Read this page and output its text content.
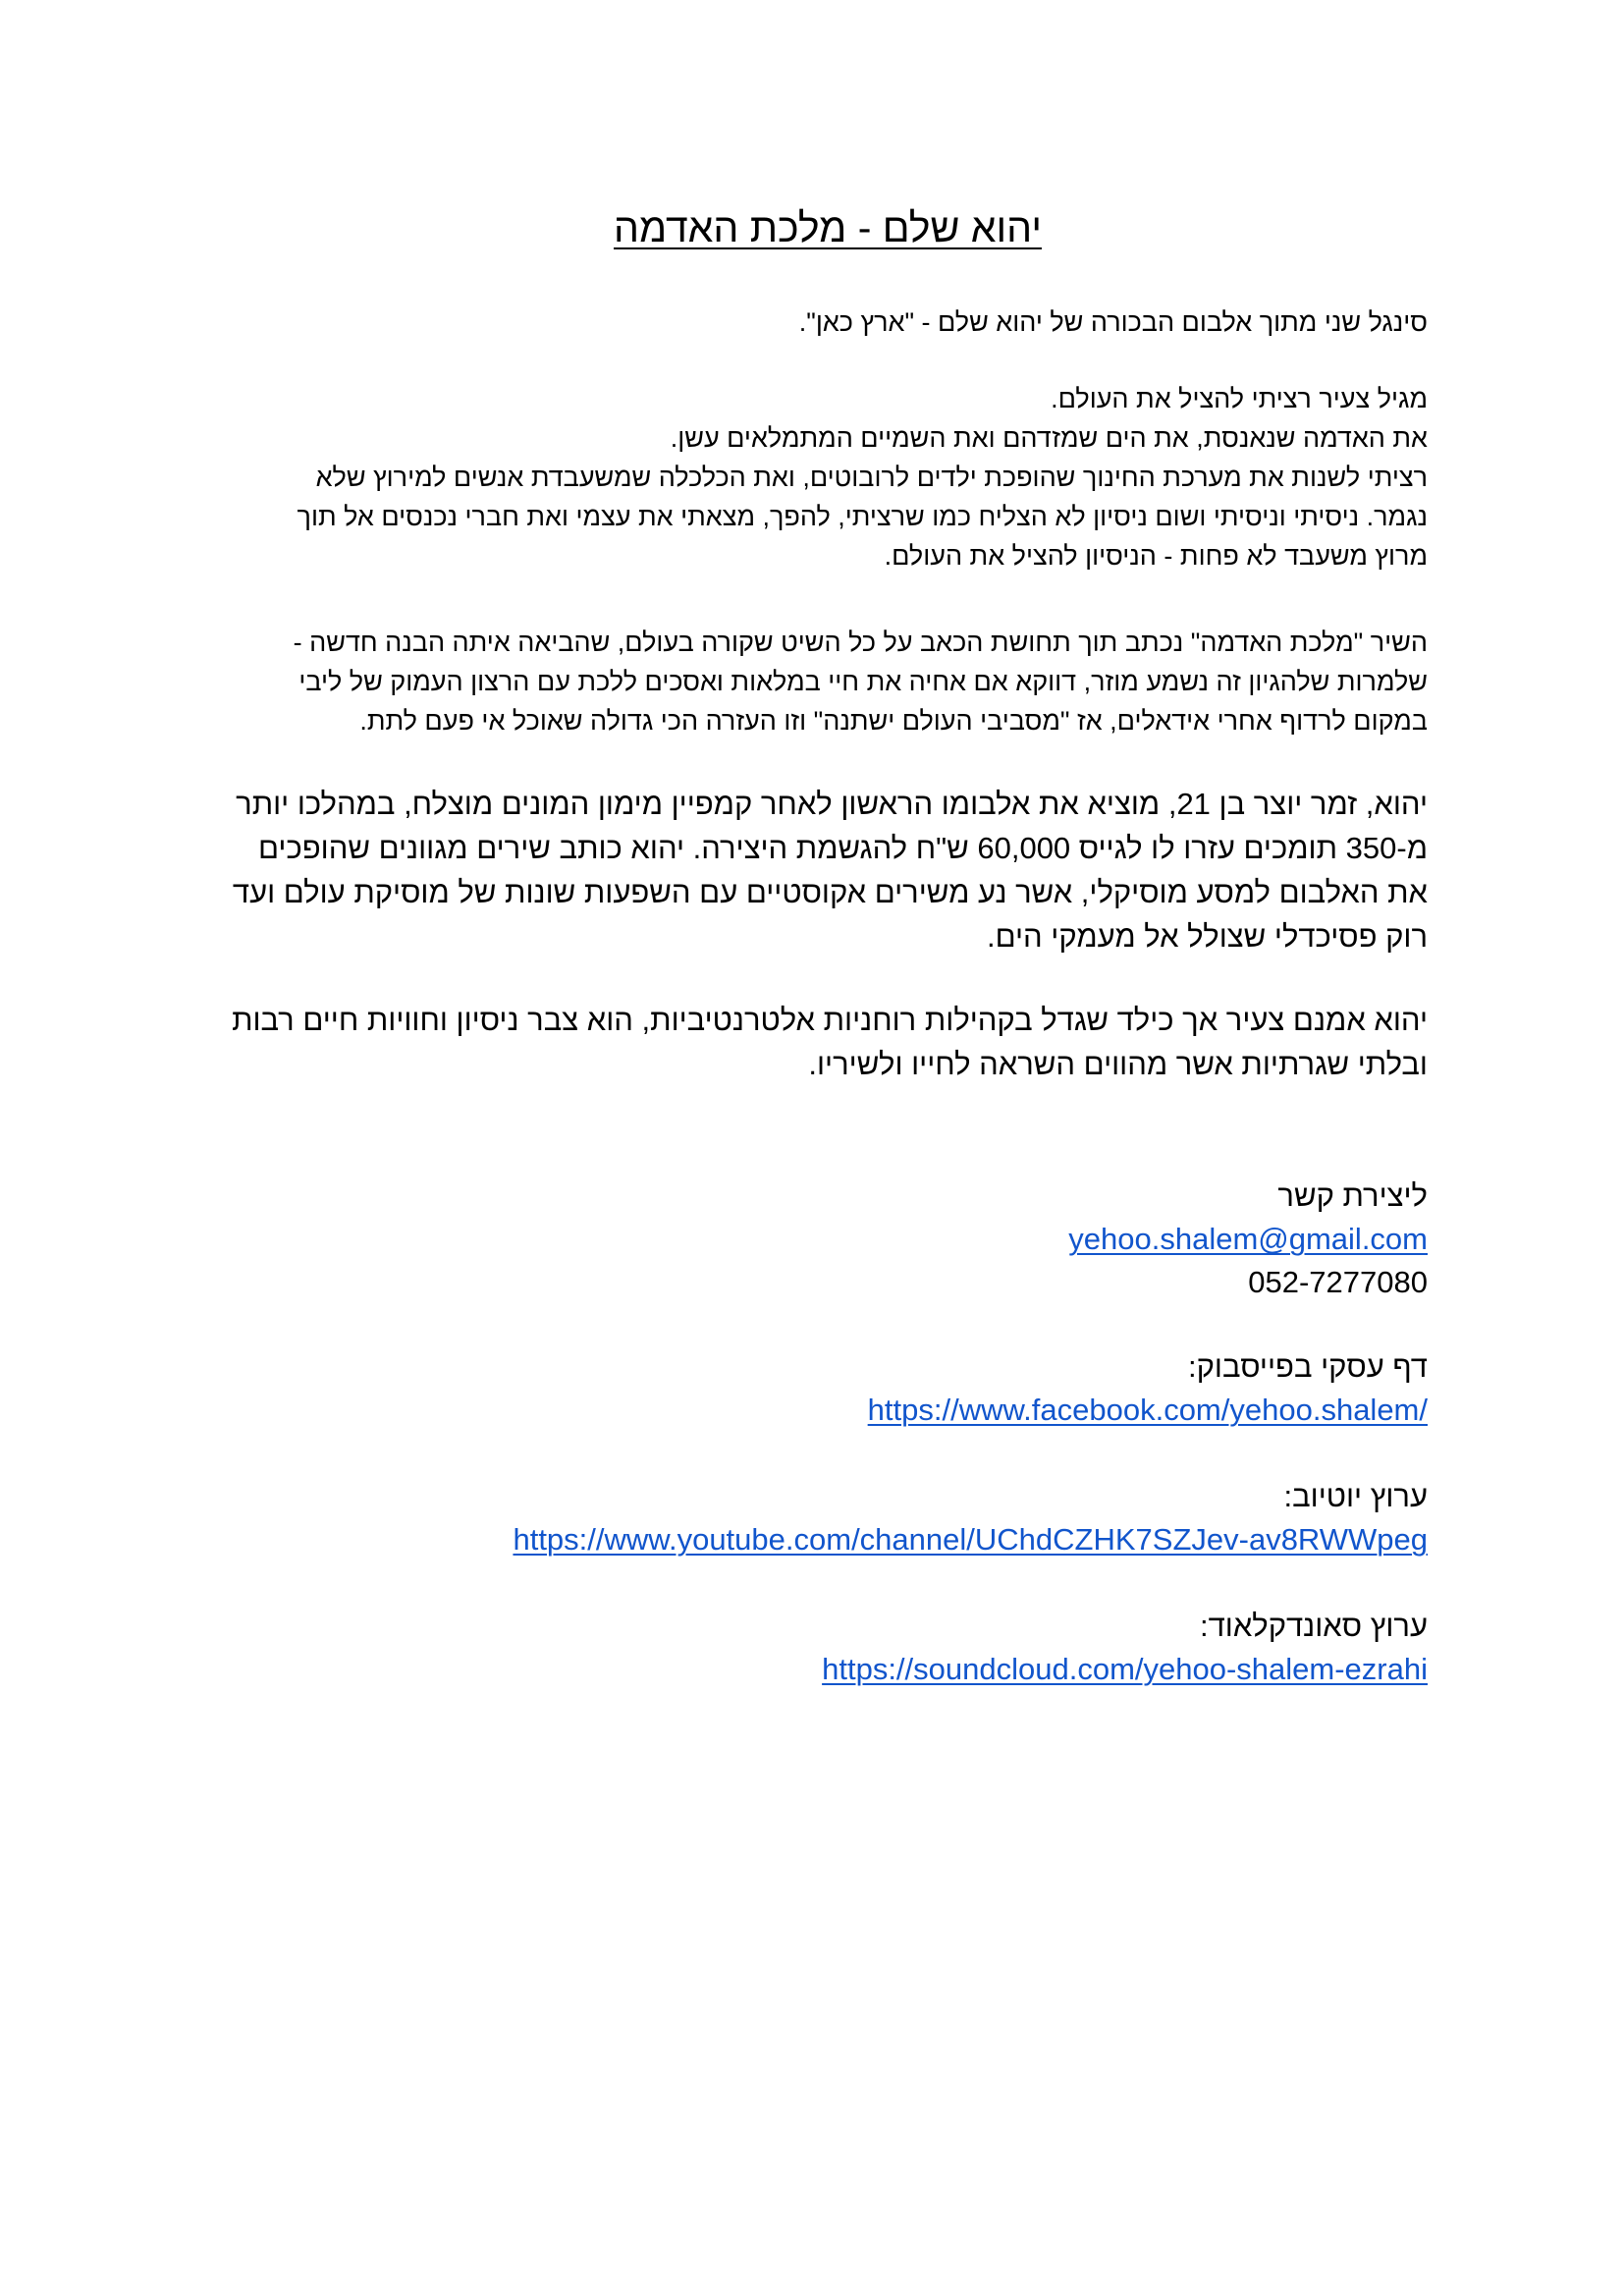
יהוא שלם - מלכת האדמה

סינגל שני מתוך אלבום הבכורה של יהוא שלם - "ארץ כאן".

מגיל צעיר רציתי להציל את העולם.
את האדמה שנאנסת, את הים שמזדהם ואת השמיים המתמלאים עשן.
רציתי לשנות את מערכת החינוך שהופכת ילדים לרובוטים, ואת הכלכלה שמשעבדת אנשים למירוץ שלא
נגמר. ניסיתי וניסיתי ושום ניסיון לא הצליח כמו שרציתי, להפך, מצאתי את עצמי ואת חברי נכנסים אל תוך
מרוץ משעבד לא פחות - הניסיון להציל את העולם.

השיר "מלכת האדמה" נכתב תוך תחושת הכאב על כל השיט שקורה בעולם, שהביאה איתה הבנה חדשה -
שלמרות שלהגיון זה נשמע מוזר, דווקא אם אחיה את חיי במלאות ואסכים ללכת עם הרצון העמוק של ליבי
במקום לרדוף אחרי אידאלים, אז "מסביבי העולם ישתנה" וזו העזרה הכי גדולה שאוכל אי פעם לתת.

יהוא, זמר יוצר בן 21, מוציא את אלבומו הראשון לאחר קמפיין מימון המונים מוצלח, במהלכו יותר
מ-350 תומכים עזרו לו לגייס 60,000 ש"ח להגשמת היצירה. יהוא כותב שירים מגוונים שהופכים
את האלבום למסע מוסיקלי, אשר נע משירים אקוסטיים עם השפעות שונות של מוסיקת עולם ועד
רוק פסיכדלי שצולל אל מעמקי הים.

יהוא אמנם צעיר אך כילד שגדל בקהילות רוחניות אלטרנטיביות, הוא צבר ניסיון וחוויות חיים רבות
ובלתי שגרתיות אשר מהווים השראה לחייו ולשיריו.

ליצירת קשר
yehoo.shalem@gmail.com
052-7277080
דף עסקי בפייסבוק:
https://www.facebook.com/yehoo.shalem/
ערוץ יוטיוב:
https://www.youtube.com/channel/UChdCZHK7SZJev-av8RWWpeg
ערוץ סאונדקלאוד:
https://soundcloud.com/yehoo-shalem-ezrahi
